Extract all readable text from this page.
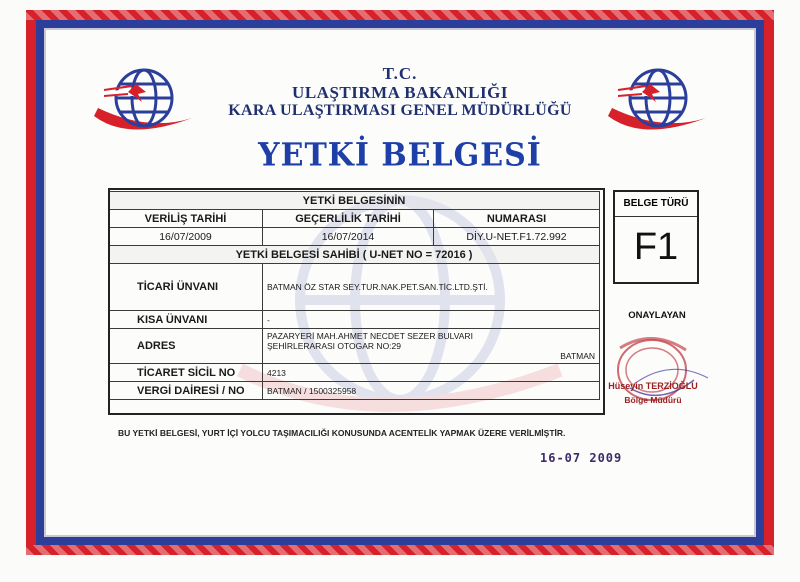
T.C.
ULAŞTIRMA BAKANLIĞI
KARA ULAŞTIRMASI GENEL MÜDÜRLÜĞÜ
YETKİ BELGESİ
YETKİ BELGESİNİN		
VERİLİŞ TARİHİ	GEÇERLİLİK TARİHİ	NUMARASI
16/07/2009	16/07/2014	DİY.U-NET.F1.72.992
YETKİ BELGESİ SAHİBİ ( U-NET NO = 72016 )		
TİCARİ ÜNVANI	BATMAN ÖZ STAR SEY.TUR.NAK.PET.SAN.TİC.LTD.ŞTİ.	
KISA ÜNVANI	-	
ADRES	PAZARYERİ MAH.AHMET NECDET SEZER BULVARI
ŞEHİRLERARASI OTOGAR NO:29
BATMAN	

TİCARET SİCİL NO	4213	
VERGİ DAİRESİ / NO	BATMAN / 1500325958	
BELGE TÜRÜ
F1
ONAYLAYAN
Hüseyin TERZİOĞLU
Bölge Müdürü
BU YETKİ BELGESİ, YURT İÇİ YOLCU TAŞIMACILIĞI KONUSUNDA ACENTELİK YAPMAK ÜZERE VERİLMİŞTİR.
16-07 2009
